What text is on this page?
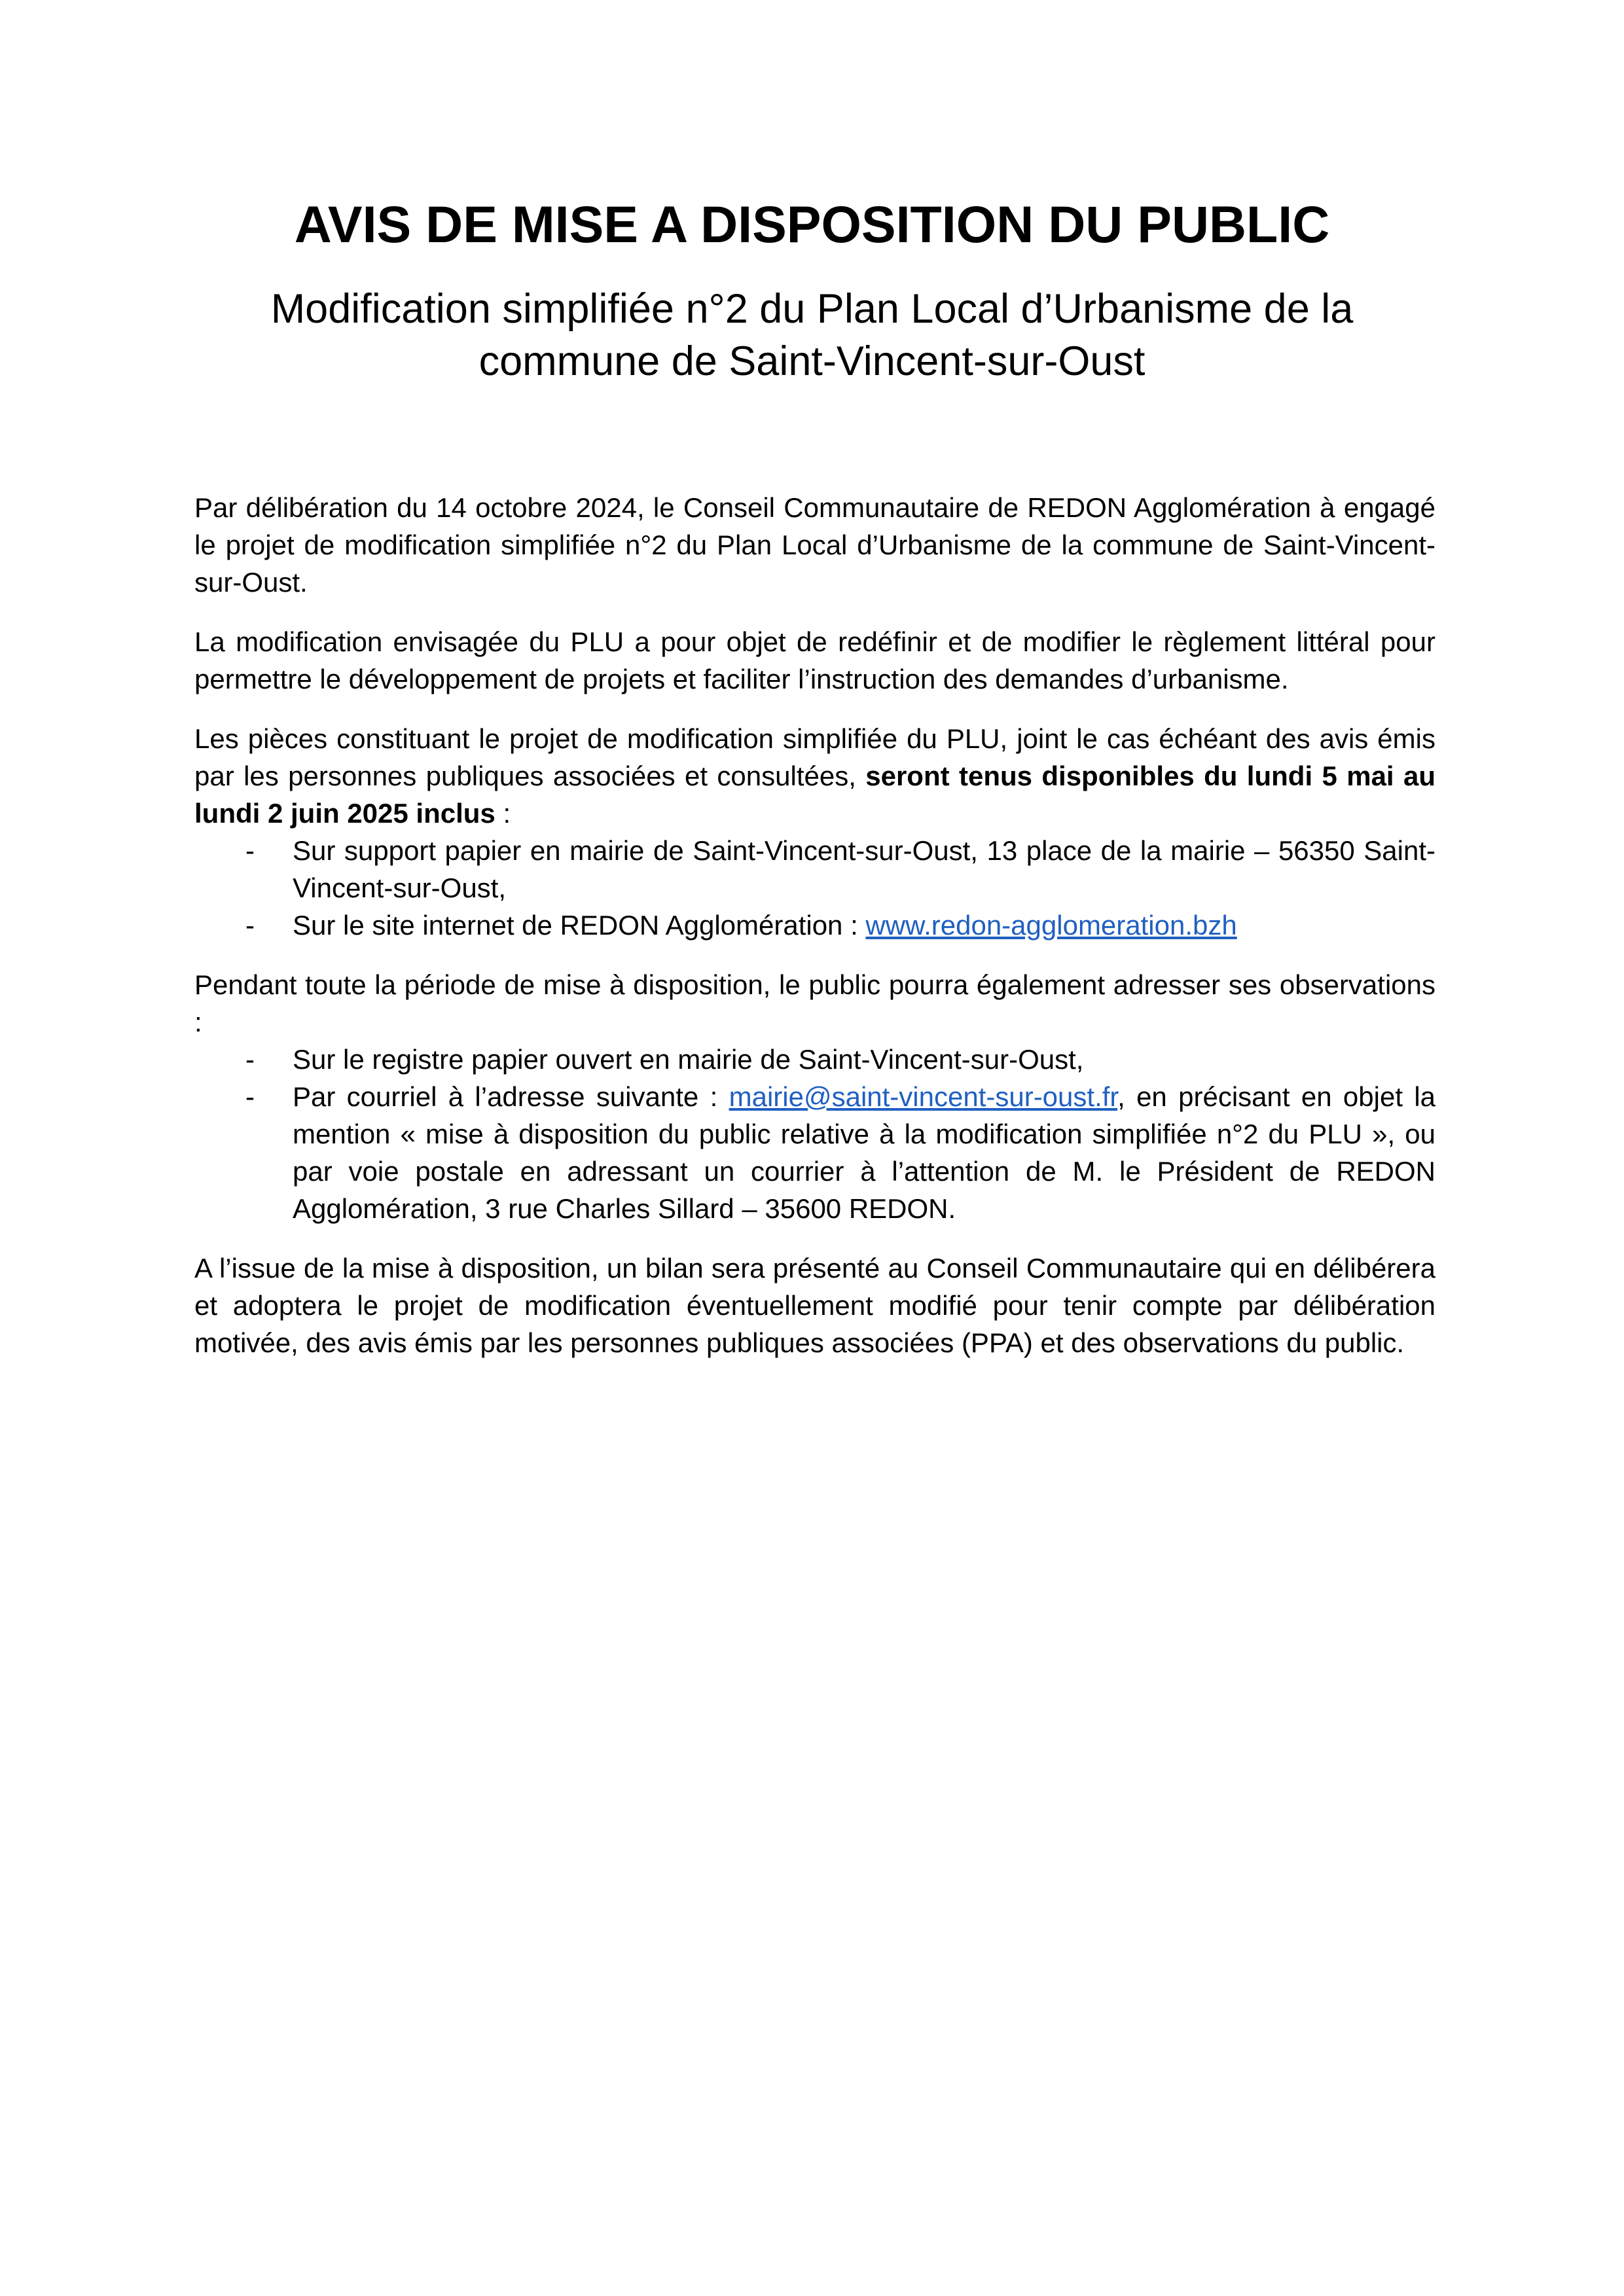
AVIS DE MISE A DISPOSITION DU PUBLIC
Modification simplifiée n°2 du Plan Local d’Urbanisme de la commune de Saint-Vincent-sur-Oust

Par délibération du 14 octobre 2024, le Conseil Communautaire de REDON Agglomération à engagé le projet de modification simplifiée n°2 du Plan Local d’Urbanisme de la commune de Saint-Vincent-sur-Oust.

La modification envisagée du PLU a pour objet de redéfinir et de modifier le règlement littéral pour permettre le développement de projets et faciliter l’instruction des demandes d’urbanisme.

Les pièces constituant le projet de modification simplifiée du PLU, joint le cas échéant des avis émis par les personnes publiques associées et consultées, seront tenus disponibles du lundi 5 mai au lundi 2 juin 2025 inclus :

- Sur support papier en mairie de Saint-Vincent-sur-Oust, 13 place de la mairie – 56350 Saint-Vincent-sur-Oust,
- Sur le site internet de REDON Agglomération : www.redon-agglomeration.bzh

Pendant toute la période de mise à disposition, le public pourra également adresser ses observations :

- Sur le registre papier ouvert en mairie de Saint-Vincent-sur-Oust,
- Par courriel à l’adresse suivante : mairie@saint-vincent-sur-oust.fr, en précisant en objet la mention « mise à disposition du public relative à la modification simplifiée n°2 du PLU », ou par voie postale en adressant un courrier à l’attention de M. le Président de REDON Agglomération, 3 rue Charles Sillard – 35600 REDON.

A l’issue de la mise à disposition, un bilan sera présenté au Conseil Communautaire qui en délibérera et adoptera le projet de modification éventuellement modifié pour tenir compte par délibération motivée, des avis émis par les personnes publiques associées (PPA) et des observations du public.
